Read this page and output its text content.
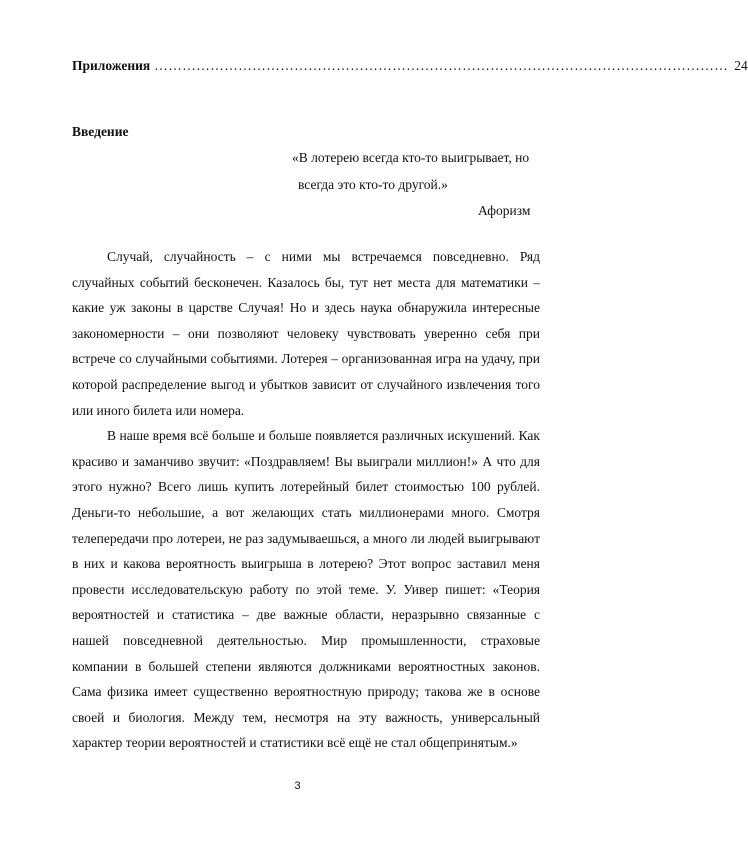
Приложения …………………………………………………………………………………………………………… 24
Введение
«В лотерею всегда кто-то выигрывает, но
всегда это кто-то другой.»
Афоризм

Случай, случайность – с ними мы встречаемся повседневно. Ряд случайных событий бесконечен. Казалось бы, тут нет места для математики – какие уж законы в царстве Случая! Но и здесь наука обнаружила интересные закономерности – они позволяют человеку чувствовать уверенно себя при встрече со случайными событиями. Лотерея – организованная игра на удачу, при которой распределение выгод и убытков зависит от случайного извлечения того или иного билета или номера.

В наше время всё больше и больше появляется различных искушений. Как красиво и заманчиво звучит: «Поздравляем! Вы выиграли миллион!» А что для этого нужно? Всего лишь купить лотерейный билет стоимостью 100 рублей. Деньги-то небольшие, а вот желающих стать миллионерами много. Смотря телепередачи про лотереи, не раз задумываешься, а много ли людей выигрывают в них и какова вероятность выигрыша в лотерею? Этот вопрос заставил меня провести исследовательскую работу по этой теме. У. Уивер пишет: «Теория вероятностей и статистика – две важные области, неразрывно связанные с нашей повседневной деятельностью. Мир промышленности, страховые компании в большей степени являются должниками вероятностных законов. Сама физика имеет существенно вероятностную природу; такова же в основе своей и биология. Между тем, несмотря на эту важность, универсальный характер теории вероятностей и статистики всё ещё не стал общепринятым.»

3
